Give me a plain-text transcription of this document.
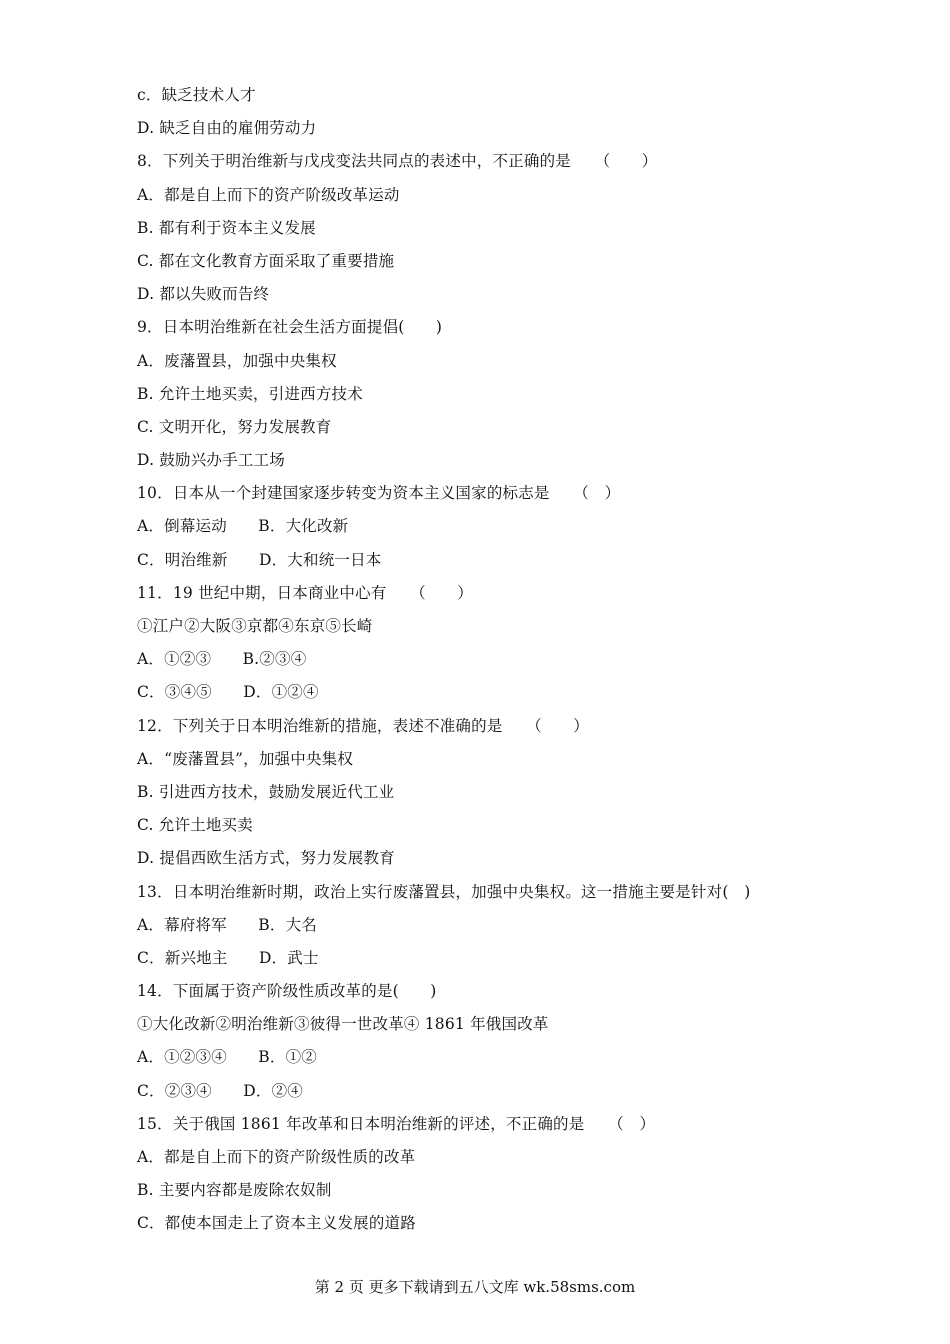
c．缺乏技术人才
D. 缺乏自由的雇佣劳动力
8．下列关于明治维新与戊戌变法共同点的表述中，不正确的是　　（　　）
A．都是自上而下的资产阶级改革运动
B. 都有利于资本主义发展
C. 都在文化教育方面采取了重要措施
D. 都以失败而告终
9．日本明治维新在社会生活方面提倡(　　)
A．废藩置县，加强中央集权
B. 允许土地买卖，引进西方技术
C. 文明开化，努力发展教育
D. 鼓励兴办手工工场
10．日本从一个封建国家逐步转变为资本主义国家的标志是　　（　）
A．倒幕运动　　B．大化改新
C．明治维新　　D．大和统一日本
11．19 世纪中期，日本商业中心有　　（　　）
①江户②大阪③京都④东京⑤长崎
A．①②③　　B.②③④
C．③④⑤　　D．①②④
12．下列关于日本明治维新的措施，表述不准确的是　　（　　）
A．“废藩置县”，加强中央集权
B. 引进西方技术，鼓励发展近代工业
C. 允许土地买卖
D. 提倡西欧生活方式，努力发展教育
13．日本明治维新时期，政治上实行废藩置县，加强中央集权。这一措施主要是针对(　)
A．幕府将军　　B．大名
C．新兴地主　　D．武士
14．下面属于资产阶级性质改革的是(　　)
①大化改新②明治维新③彼得一世改革④ 1861 年俄国改革
A．①②③④　　B．①②
C．②③④　　D．②④
15．关于俄国 1861 年改革和日本明治维新的评述，不正确的是　　（　）
A．都是自上而下的资产阶级性质的改革
B. 主要内容都是废除农奴制
C．都使本国走上了资本主义发展的道路
第 2 页 更多下载请到五八文库 wk.58sms.com
